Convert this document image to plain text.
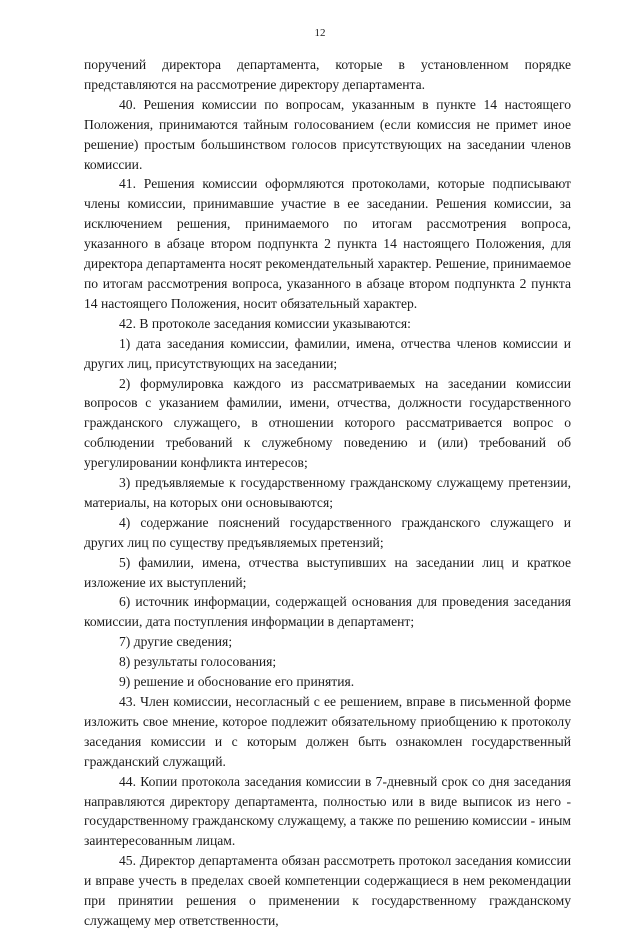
12

поручений директора департамента, которые в установленном порядке представляются на рассмотрение директору департамента.

40. Решения комиссии по вопросам, указанным в пункте 14 настоящего Положения, принимаются тайным голосованием (если комиссия не примет иное решение) простым большинством голосов присутствующих на заседании членов комиссии.

41. Решения комиссии оформляются протоколами, которые подписывают члены комиссии, принимавшие участие в ее заседании. Решения комиссии, за исключением решения, принимаемого по итогам рассмотрения вопроса, указанного в абзаце втором подпункта 2 пункта 14 настоящего Положения, для директора департамента носят рекомендательный характер. Решение, принимаемое по итогам рассмотрения вопроса, указанного в абзаце втором подпункта 2 пункта 14 настоящего Положения, носит обязательный характер.

42. В протоколе заседания комиссии указываются:

1) дата заседания комиссии, фамилии, имена, отчества членов комиссии и других лиц, присутствующих на заседании;

2) формулировка каждого из рассматриваемых на заседании комиссии вопросов с указанием фамилии, имени, отчества, должности государственного гражданского служащего, в отношении которого рассматривается вопрос о соблюдении требований к служебному поведению и (или) требований об урегулировании конфликта интересов;

3) предъявляемые к государственному гражданскому служащему претензии, материалы, на которых они основываются;

4) содержание пояснений государственного гражданского служащего и других лиц по существу предъявляемых претензий;

5) фамилии, имена, отчества выступивших на заседании лиц и краткое изложение их выступлений;

6) источник информации, содержащей основания для проведения заседания комиссии, дата поступления информации в департамент;

7) другие сведения;

8) результаты голосования;

9) решение и обоснование его принятия.

43. Член комиссии, несогласный с ее решением, вправе в письменной форме изложить свое мнение, которое подлежит обязательному приобщению к протоколу заседания комиссии и с которым должен быть ознакомлен государственный гражданский служащий.

44. Копии протокола заседания комиссии в 7-дневный срок со дня заседания направляются директору департамента, полностью или в виде выписок из него - государственному гражданскому служащему, а также по решению комиссии - иным заинтересованным лицам.

45. Директор департамента обязан рассмотреть протокол заседания комиссии и вправе учесть в пределах своей компетенции содержащиеся в нем рекомендации при принятии решения о применении к государственному гражданскому служащему мер ответственности,
